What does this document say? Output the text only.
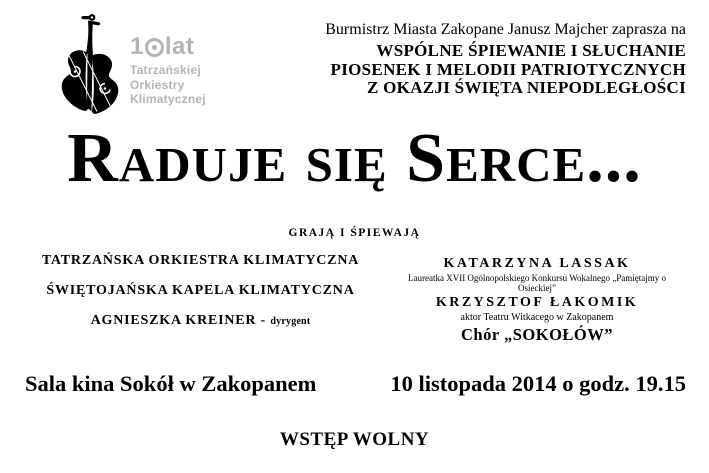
1 lat
Tatrzańskiej
Orkiestry
Klimatycznej
Burmistrz Miasta Zakopane Janusz Majcher zaprasza na
WSPÓLNE ŚPIEWANIE I SŁUCHANIE
PIOSENEK I MELODII PATRIOTYCZNYCH
Z OKAZJI ŚWIĘTA NIEPODLEGŁOŚCI
Raduje się Serce...
GRAJĄ I ŚPIEWAJĄ
TATRZAŃSKA ORKIESTRA KLIMATYCZNA
ŚWIĘTOJAŃSKA KAPELA KLIMATYCZNA
AGNIESZKA KREINER - dyrygent
KATARZYNA LASSAK
Laureatka XVII Ogólnopolskiego Konkursu Wokalnego „Pamiętajmy o Osieckiej”
KRZYSZTOF ŁAKOMIK
aktor Teatru Witkacego w Zakopanem
Chór „SOKOŁÓW”
Sala kina Sokół w Zakopanem	10 listopada 2014 o godz. 19.15
WSTĘP WOLNY
